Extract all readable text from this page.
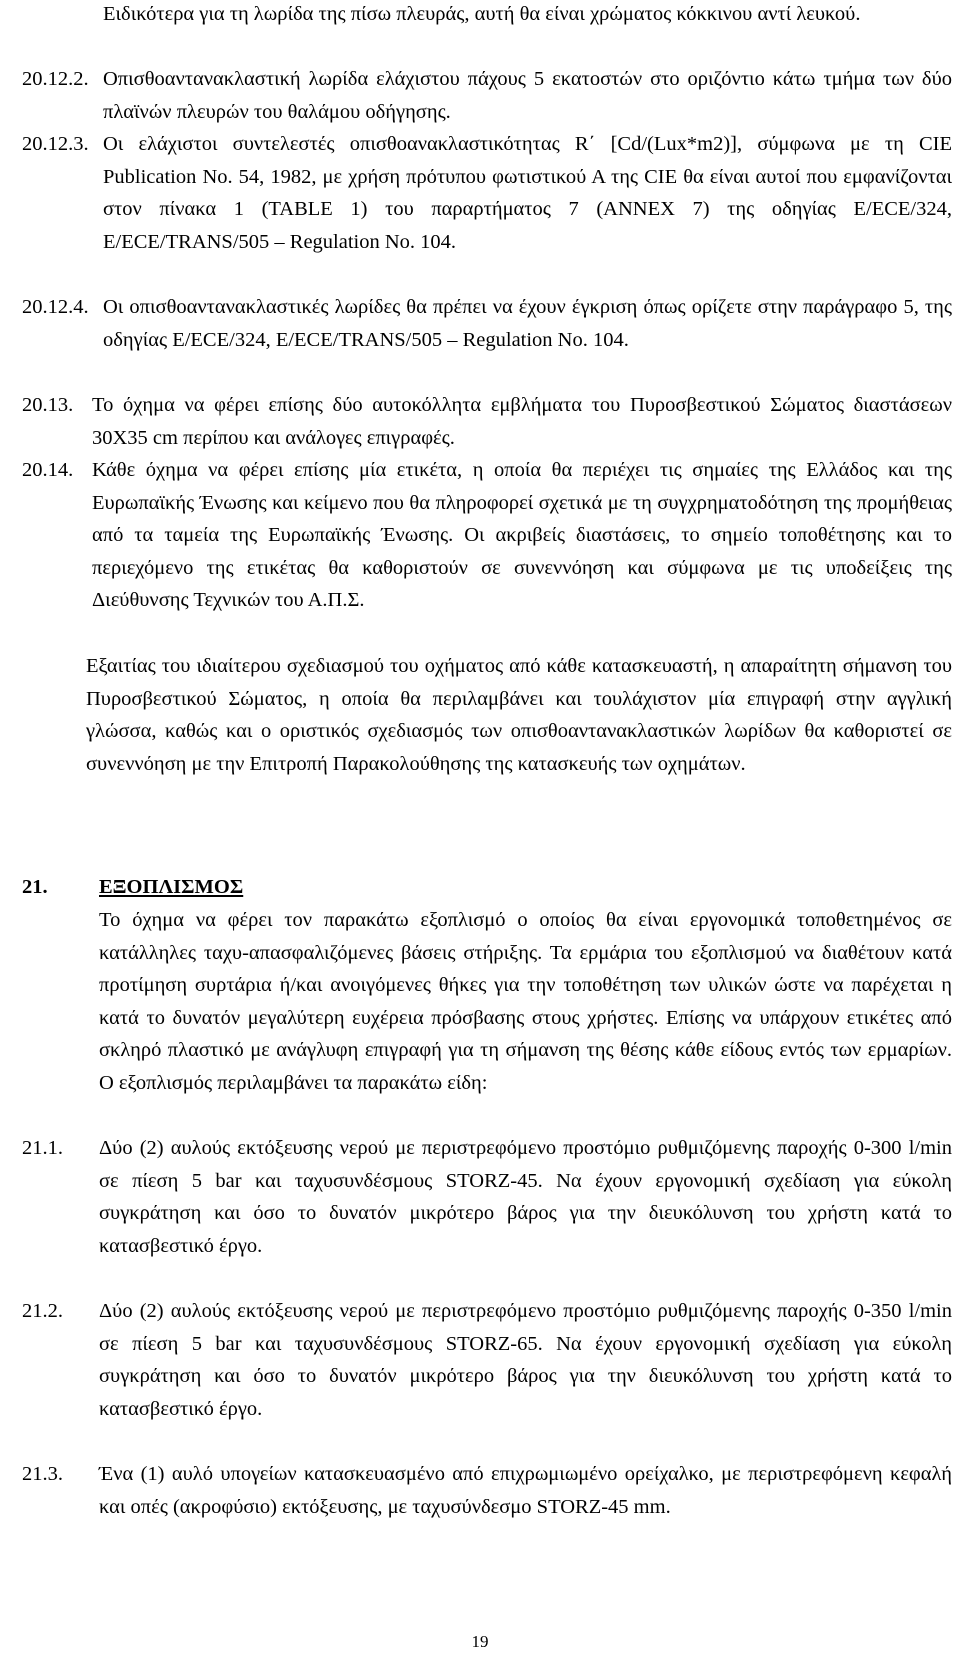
Ειδικότερα για τη λωρίδα της πίσω πλευράς, αυτή θα είναι χρώματος κόκκινου αντί λευκού.
20.12.2. Οπισθοαντανακλαστική λωρίδα ελάχιστου πάχους 5 εκατοστών στο οριζόντιο κάτω τμήμα των δύο πλαϊνών πλευρών του θαλάμου οδήγησης.
20.12.3. Οι ελάχιστοι συντελεστές οπισθοανακλαστικότητας R΄ [Cd/(Lux*m2)], σύμφωνα με τη CIE Publication No. 54, 1982, με χρήση πρότυπου φωτιστικού Α της CIE θα είναι αυτοί που εμφανίζονται στον πίνακα 1 (TABLE 1) του παραρτήματος 7 (ANNEX 7) της οδηγίας E/ECE/324, E/ECE/TRANS/505 – Regulation No. 104.
20.12.4. Οι οπισθοαντανακλαστικές λωρίδες θα πρέπει να έχουν έγκριση όπως ορίζετε στην παράγραφο 5, της οδηγίας E/ECE/324, E/ECE/TRANS/505 – Regulation No. 104.
20.13. Το όχημα να φέρει επίσης δύο αυτοκόλλητα εμβλήματα του Πυροσβεστικού Σώματος διαστάσεων 30Χ35 cm περίπου και ανάλογες επιγραφές.
20.14. Κάθε όχημα να φέρει επίσης μία ετικέτα, η οποία θα περιέχει τις σημαίες της Ελλάδος και της Ευρωπαϊκής Ένωσης και κείμενο που θα πληροφορεί σχετικά με τη συγχρηματοδότηση της προμήθειας από τα ταμεία της Ευρωπαϊκής Ένωσης. Οι ακριβείς διαστάσεις, το σημείο τοποθέτησης και το περιεχόμενο της ετικέτας θα καθοριστούν σε συνεννόηση και σύμφωνα με τις υποδείξεις της Διεύθυνσης Τεχνικών του Α.Π.Σ.
Εξαιτίας του ιδιαίτερου σχεδιασμού του οχήματος από κάθε κατασκευαστή, η απαραίτητη σήμανση του Πυροσβεστικού Σώματος, η οποία θα περιλαμβάνει και τουλάχιστον μία επιγραφή στην αγγλική γλώσσα, καθώς και ο οριστικός σχεδιασμός των οπισθοαντανακλαστικών λωρίδων θα καθοριστεί σε συνεννόηση με την Επιτροπή Παρακολούθησης της κατασκευής των οχημάτων.
21.	ΕΞΟΠΛΙΣΜΟΣ
Το όχημα να φέρει τον παρακάτω εξοπλισμό ο οποίος θα είναι εργονομικά τοποθετημένος σε κατάλληλες ταχυ-απασφαλιζόμενες βάσεις στήριξης. Τα ερμάρια του εξοπλισμού να διαθέτουν κατά προτίμηση συρτάρια ή/και ανοιγόμενες θήκες για την τοποθέτηση των υλικών ώστε να παρέχεται η κατά το δυνατόν μεγαλύτερη ευχέρεια πρόσβασης στους χρήστες. Επίσης να υπάρχουν ετικέτες από σκληρό πλαστικό με ανάγλυφη επιγραφή για τη σήμανση της θέσης κάθε είδους εντός των ερμαρίων. Ο εξοπλισμός περιλαμβάνει τα παρακάτω είδη:
21.1.	Δύο (2) αυλούς εκτόξευσης νερού με περιστρεφόμενο προστόμιο ρυθμιζόμενης παροχής 0-300 l/min σε πίεση 5 bar και ταχυσυνδέσμους STORZ-45. Να έχουν εργονομική σχεδίαση για εύκολη συγκράτηση και όσο το δυνατόν μικρότερο βάρος για την διευκόλυνση του χρήστη κατά το κατασβεστικό έργο.
21.2.	Δύο (2) αυλούς εκτόξευσης νερού με περιστρεφόμενο προστόμιο ρυθμιζόμενης παροχής 0-350 l/min σε πίεση 5 bar και ταχυσυνδέσμους STORZ-65. Να έχουν εργονομική σχεδίαση για εύκολη συγκράτηση και όσο το δυνατόν μικρότερο βάρος για την διευκόλυνση του χρήστη κατά το κατασβεστικό έργο.
21.3.	Ένα (1) αυλό υπογείων κατασκευασμένο από επιχρωμιωμένο ορείχαλκο, με περιστρεφόμενη κεφαλή και οπές (ακροφύσιο) εκτόξευσης, με ταχυσύνδεσμο STORZ-45 mm.
19
